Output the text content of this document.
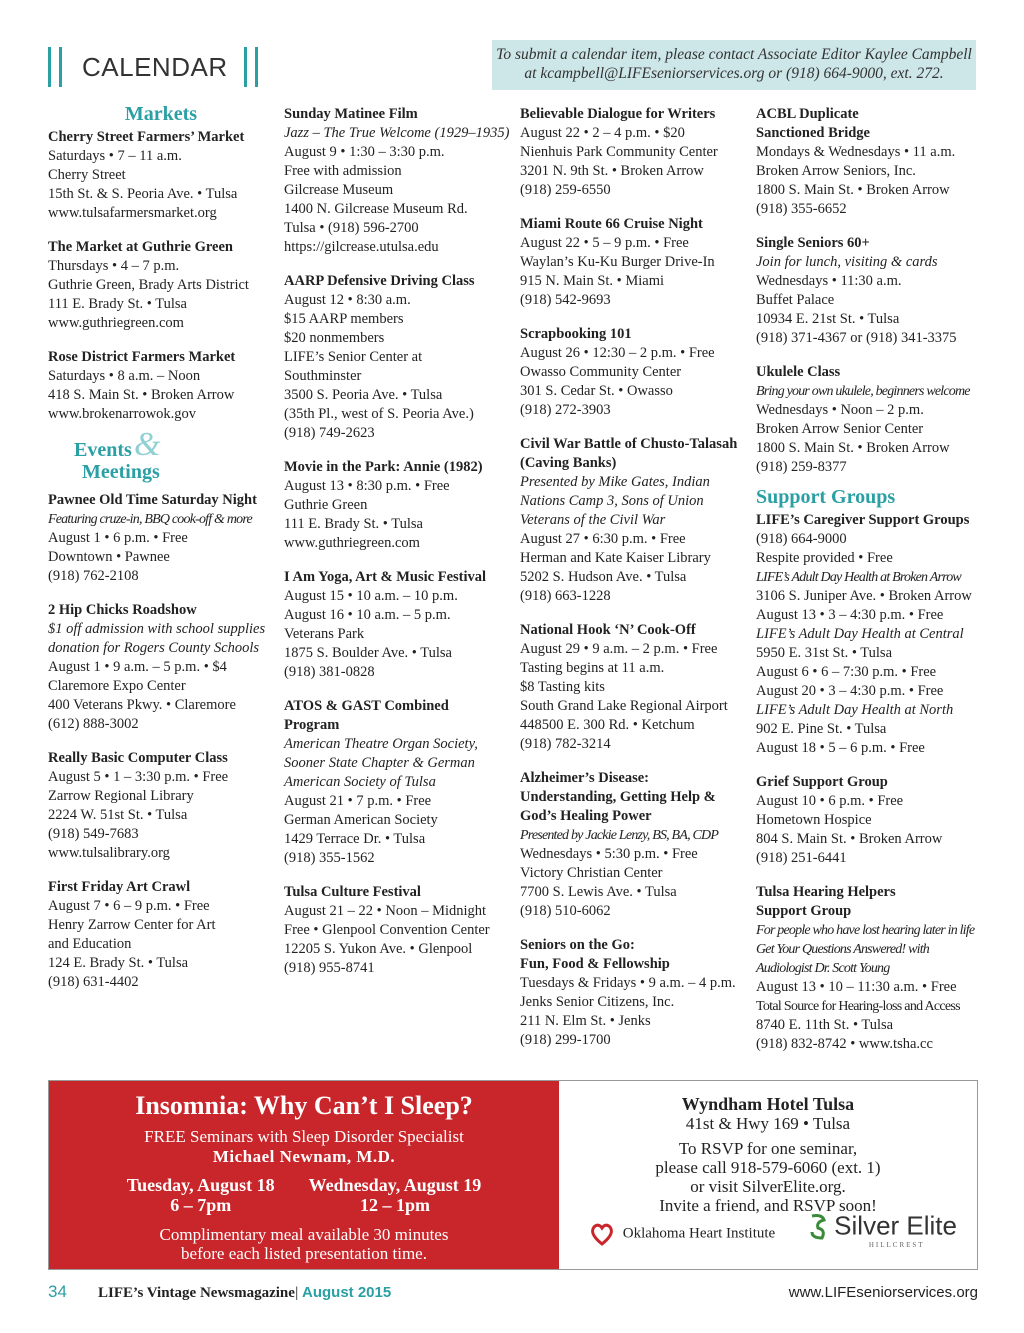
CALENDAR	To submit a calendar item, please contact Associate Editor Kaylee Campbell
at kcampbell@LIFEseniorservices.org or (918) 664-9000, ext. 272.
Markets
Cherry Street Farmers’ Market
Saturdays • 7 – 11 a.m.
Cherry Street
15th St. & S. Peoria Ave. • Tulsa
www.tulsafarmersmarket.org
The Market at Guthrie Green
Thursdays • 4 – 7 p.m.
Guthrie Green, Brady Arts District
111 E. Brady St. • Tulsa
www.guthriegreen.com
Rose District Farmers Market
Saturdays • 8 a.m. – Noon
418 S. Main St. • Broken Arrow
www.brokenarrowok.gov
Events &
Meetings
Pawnee Old Time Saturday Night
Featuring cruze-in, BBQ cook-off & more
August 1 • 6 p.m. • Free
Downtown • Pawnee
(918) 762-2108
2 Hip Chicks Roadshow
$1 off admission with school supplies
donation for Rogers County Schools
August 1 • 9 a.m. – 5 p.m. • $4
Claremore Expo Center
400 Veterans Pkwy. • Claremore
(612) 888-3002
Really Basic Computer Class
August 5 • 1 – 3:30 p.m. • Free
Zarrow Regional Library
2224 W. 51st St. • Tulsa
(918) 549-7683
www.tulsalibrary.org
First Friday Art Crawl
August 7 • 6 – 9 p.m. • Free
Henry Zarrow Center for Art
and Education
124 E. Brady St. • Tulsa
(918) 631-4402
Sunday Matinee Film
Jazz – The True Welcome (1929–1935)
August 9 • 1:30 – 3:30 p.m.
Free with admission
Gilcrease Museum
1400 N. Gilcrease Museum Rd.
Tulsa • (918) 596-2700
https://gilcrease.utulsa.edu
AARP Defensive Driving Class
August 12 • 8:30 a.m.
$15 AARP members
$20 nonmembers
LIFE’s Senior Center at
Southminster
3500 S. Peoria Ave. • Tulsa
(35th Pl., west of S. Peoria Ave.)
(918) 749-2623
Movie in the Park: Annie (1982)
August 13 • 8:30 p.m. • Free
Guthrie Green
111 E. Brady St. • Tulsa
www.guthriegreen.com
I Am Yoga, Art & Music Festival
August 15 • 10 a.m. – 10 p.m.
August 16 • 10 a.m. – 5 p.m.
Veterans Park
1875 S. Boulder Ave. • Tulsa
(918) 381-0828
ATOS & GAST Combined
Program
American Theatre Organ Society,
Sooner State Chapter & German
American Society of Tulsa
August 21 • 7 p.m. • Free
German American Society
1429 Terrace Dr. • Tulsa
(918) 355-1562
Tulsa Culture Festival
August 21 – 22 • Noon – Midnight
Free • Glenpool Convention Center
12205 S. Yukon Ave. • Glenpool
(918) 955-8741
Believable Dialogue for Writers
August 22 • 2 – 4 p.m. • $20
Nienhuis Park Community Center
3201 N. 9th St. • Broken Arrow
(918) 259-6550
Miami Route 66 Cruise Night
August 22 • 5 – 9 p.m. • Free
Waylan’s Ku-Ku Burger Drive-In
915 N. Main St. • Miami
(918) 542-9693
Scrapbooking 101
August 26 • 12:30 – 2 p.m. • Free
Owasso Community Center
301 S. Cedar St. • Owasso
(918) 272-3903
Civil War Battle of Chusto-Talasah
(Caving Banks)
Presented by Mike Gates, Indian
Nations Camp 3, Sons of Union
Veterans of the Civil War
August 27 • 6:30 p.m. • Free
Herman and Kate Kaiser Library
5202 S. Hudson Ave. • Tulsa
(918) 663-1228
National Hook ‘N’ Cook-Off
August 29 • 9 a.m. – 2 p.m. • Free
Tasting begins at 11 a.m.
$8 Tasting kits
South Grand Lake Regional Airport
448500 E. 300 Rd. • Ketchum
(918) 782-3214
Alzheimer’s Disease:
Understanding, Getting Help &
God’s Healing Power
Presented by Jackie Lenzy, BS, BA, CDP
Wednesdays • 5:30 p.m. • Free
Victory Christian Center
7700 S. Lewis Ave. • Tulsa
(918) 510-6062
Seniors on the Go:
Fun, Food & Fellowship
Tuesdays & Fridays • 9 a.m. – 4 p.m.
Jenks Senior Citizens, Inc.
211 N. Elm St. • Jenks
(918) 299-1700
ACBL Duplicate
Sanctioned Bridge
Mondays & Wednesdays • 11 a.m.
Broken Arrow Seniors, Inc.
1800 S. Main St. • Broken Arrow
(918) 355-6652
Single Seniors 60+
Join for lunch, visiting & cards
Wednesdays • 11:30 a.m.
Buffet Palace
10934 E. 21st St. • Tulsa
(918) 371-4367 or (918) 341-3375
Ukulele Class
Bring your own ukulele, beginners welcome
Wednesdays • Noon – 2 p.m.
Broken Arrow Senior Center
1800 S. Main St. • Broken Arrow
(918) 259-8377
Support Groups
LIFE’s Caregiver Support Groups
(918) 664-9000
Respite provided • Free
LIFE’s Adult Day Health at Broken Arrow
3106 S. Juniper Ave. • Broken Arrow
August 13 • 3 – 4:30 p.m. • Free
LIFE’s Adult Day Health at Central
5950 E. 31st St. • Tulsa
August 6 • 6 – 7:30 p.m. • Free
August 20 • 3 – 4:30 p.m. • Free
LIFE’s Adult Day Health at North
902 E. Pine St. • Tulsa
August 18 • 5 – 6 p.m. • Free
Grief Support Group
August 10 • 6 p.m. • Free
Hometown Hospice
804 S. Main St. • Broken Arrow
(918) 251-6441
Tulsa Hearing Helpers
Support Group
For people who have lost hearing later in life
Get Your Questions Answered! with
Audiologist Dr. Scott Young
August 13 • 10 – 11:30 a.m. • Free
Total Source for Hearing-loss and Access
8740 E. 11th St. • Tulsa
(918) 832-8742 • www.tsha.cc
Insomnia: Why Can’t I Sleep?
FREE Seminars with Sleep Disorder Specialist
Michael Newnam, M.D.
Tuesday, August 18
6 – 7pm
Wednesday, August 19
12 – 1pm
Complimentary meal available 30 minutes
before each listed presentation time.
Wyndham Hotel Tulsa
41st & Hwy 169 • Tulsa
To RSVP for one seminar,
please call 918-579-6060 (ext. 1)
or visit SilverElite.org.
Invite a friend, and RSVP soon!
Oklahoma Heart Institute	Silver Elite
HILLCREST
34 LIFE’s Vintage Newsmagazine| August 2015	www.LIFEseniorservices.org
